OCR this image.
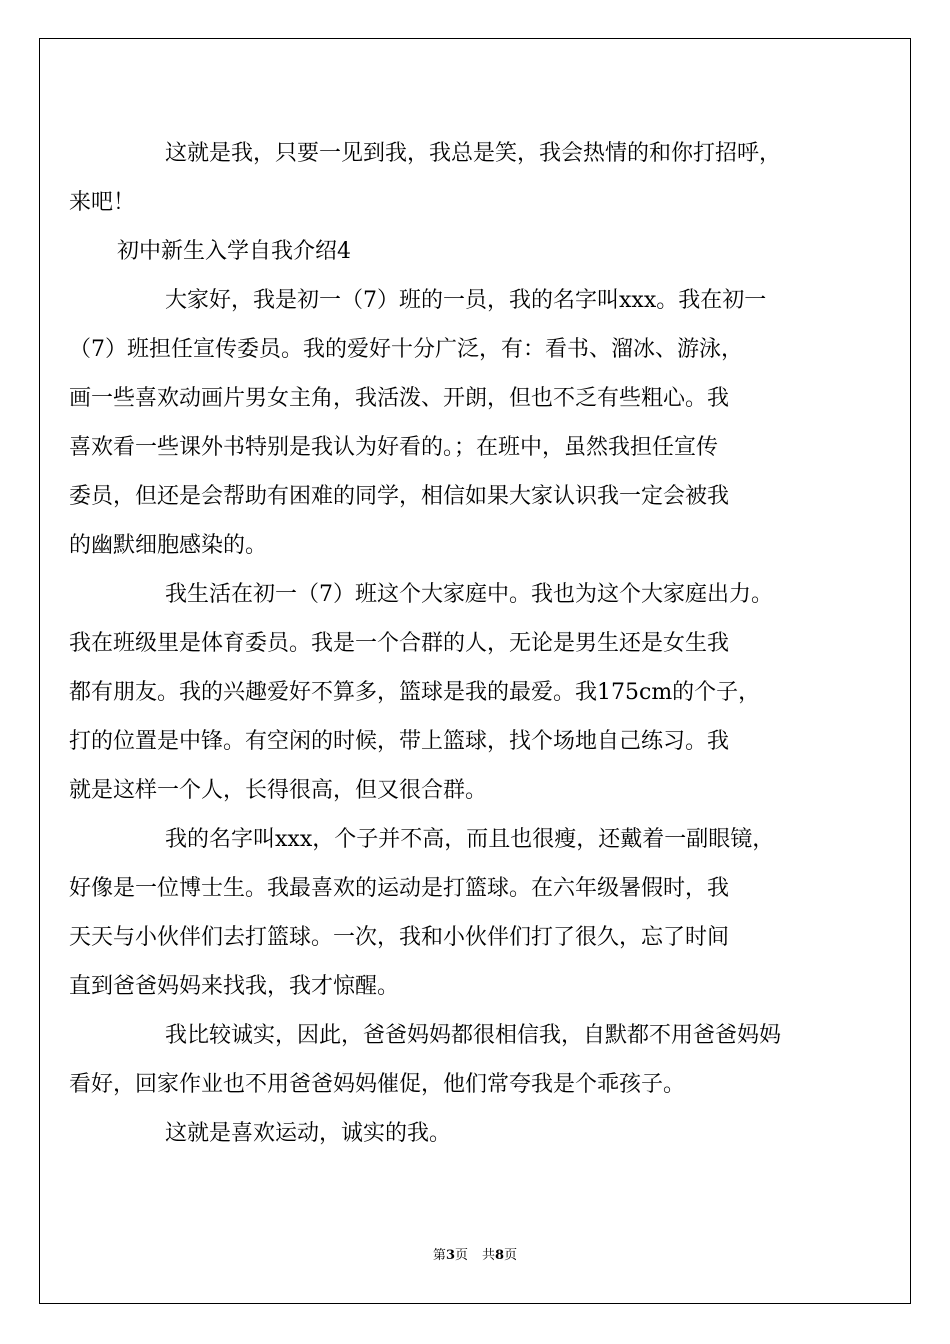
这就是我，只要一见到我，我总是笑，我会热情的和你打招呼，
来吧！

初中新生入学自我介绍4

大家好，我是初一（7）班的一员，我的名字叫xxx。我在初一
（7）班担任宣传委员。我的爱好十分广泛，有：看书、溜冰、游泳，
画一些喜欢动画片男女主角，我活泼、开朗，但也不乏有些粗心。我
喜欢看一些课外书特别是我认为好看的。；在班中，虽然我担任宣传
委员，但还是会帮助有困难的同学，相信如果大家认识我一定会被我
的幽默细胞感染的。

我生活在初一（7）班这个大家庭中。我也为这个大家庭出力。
我在班级里是体育委员。我是一个合群的人，无论是男生还是女生我
都有朋友。我的兴趣爱好不算多，篮球是我的最爱。我175cm的个子，
打的位置是中锋。有空闲的时候，带上篮球，找个场地自己练习。我
就是这样一个人，长得很高，但又很合群。

我的名字叫xxx，个子并不高，而且也很瘦，还戴着一副眼镜，
好像是一位博士生。我最喜欢的运动是打篮球。在六年级暑假时，我
天天与小伙伴们去打篮球。一次，我和小伙伴们打了很久，忘了时间
直到爸爸妈妈来找我，我才惊醒。

我比较诚实，因此，爸爸妈妈都很相信我，自默都不用爸爸妈妈
看好，回家作业也不用爸爸妈妈催促，他们常夸我是个乖孩子。

这就是喜欢运动，诚实的我。

第3页 共8页
